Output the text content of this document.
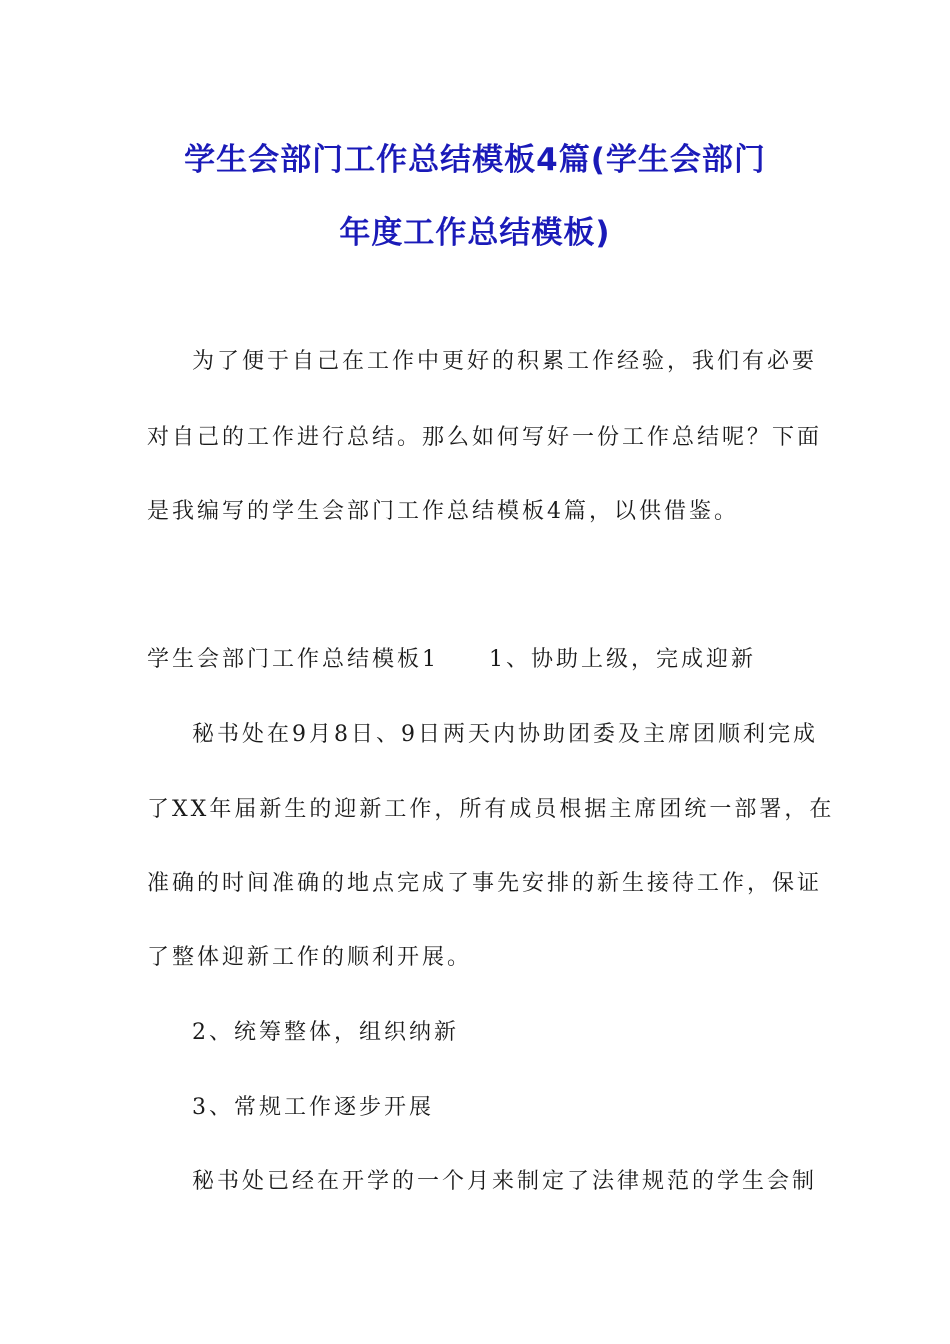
学生会部门工作总结模板4篇(学生会部门
年度工作总结模板)
为了便于自己在工作中更好的积累工作经验，我们有必要
对自己的工作进行总结。那么如何写好一份工作总结呢？下面
是我编写的学生会部门工作总结模板4篇，以供借鉴。
学生会部门工作总结模板1 1、协助上级，完成迎新
秘书处在9月8日、9日两天内协助团委及主席团顺利完成
了XX年届新生的迎新工作，所有成员根据主席团统一部署，在
准确的时间准确的地点完成了事先安排的新生接待工作，保证
了整体迎新工作的顺利开展。
2、统筹整体，组织纳新
3、常规工作逐步开展
秘书处已经在开学的一个月来制定了法律规范的学生会制
